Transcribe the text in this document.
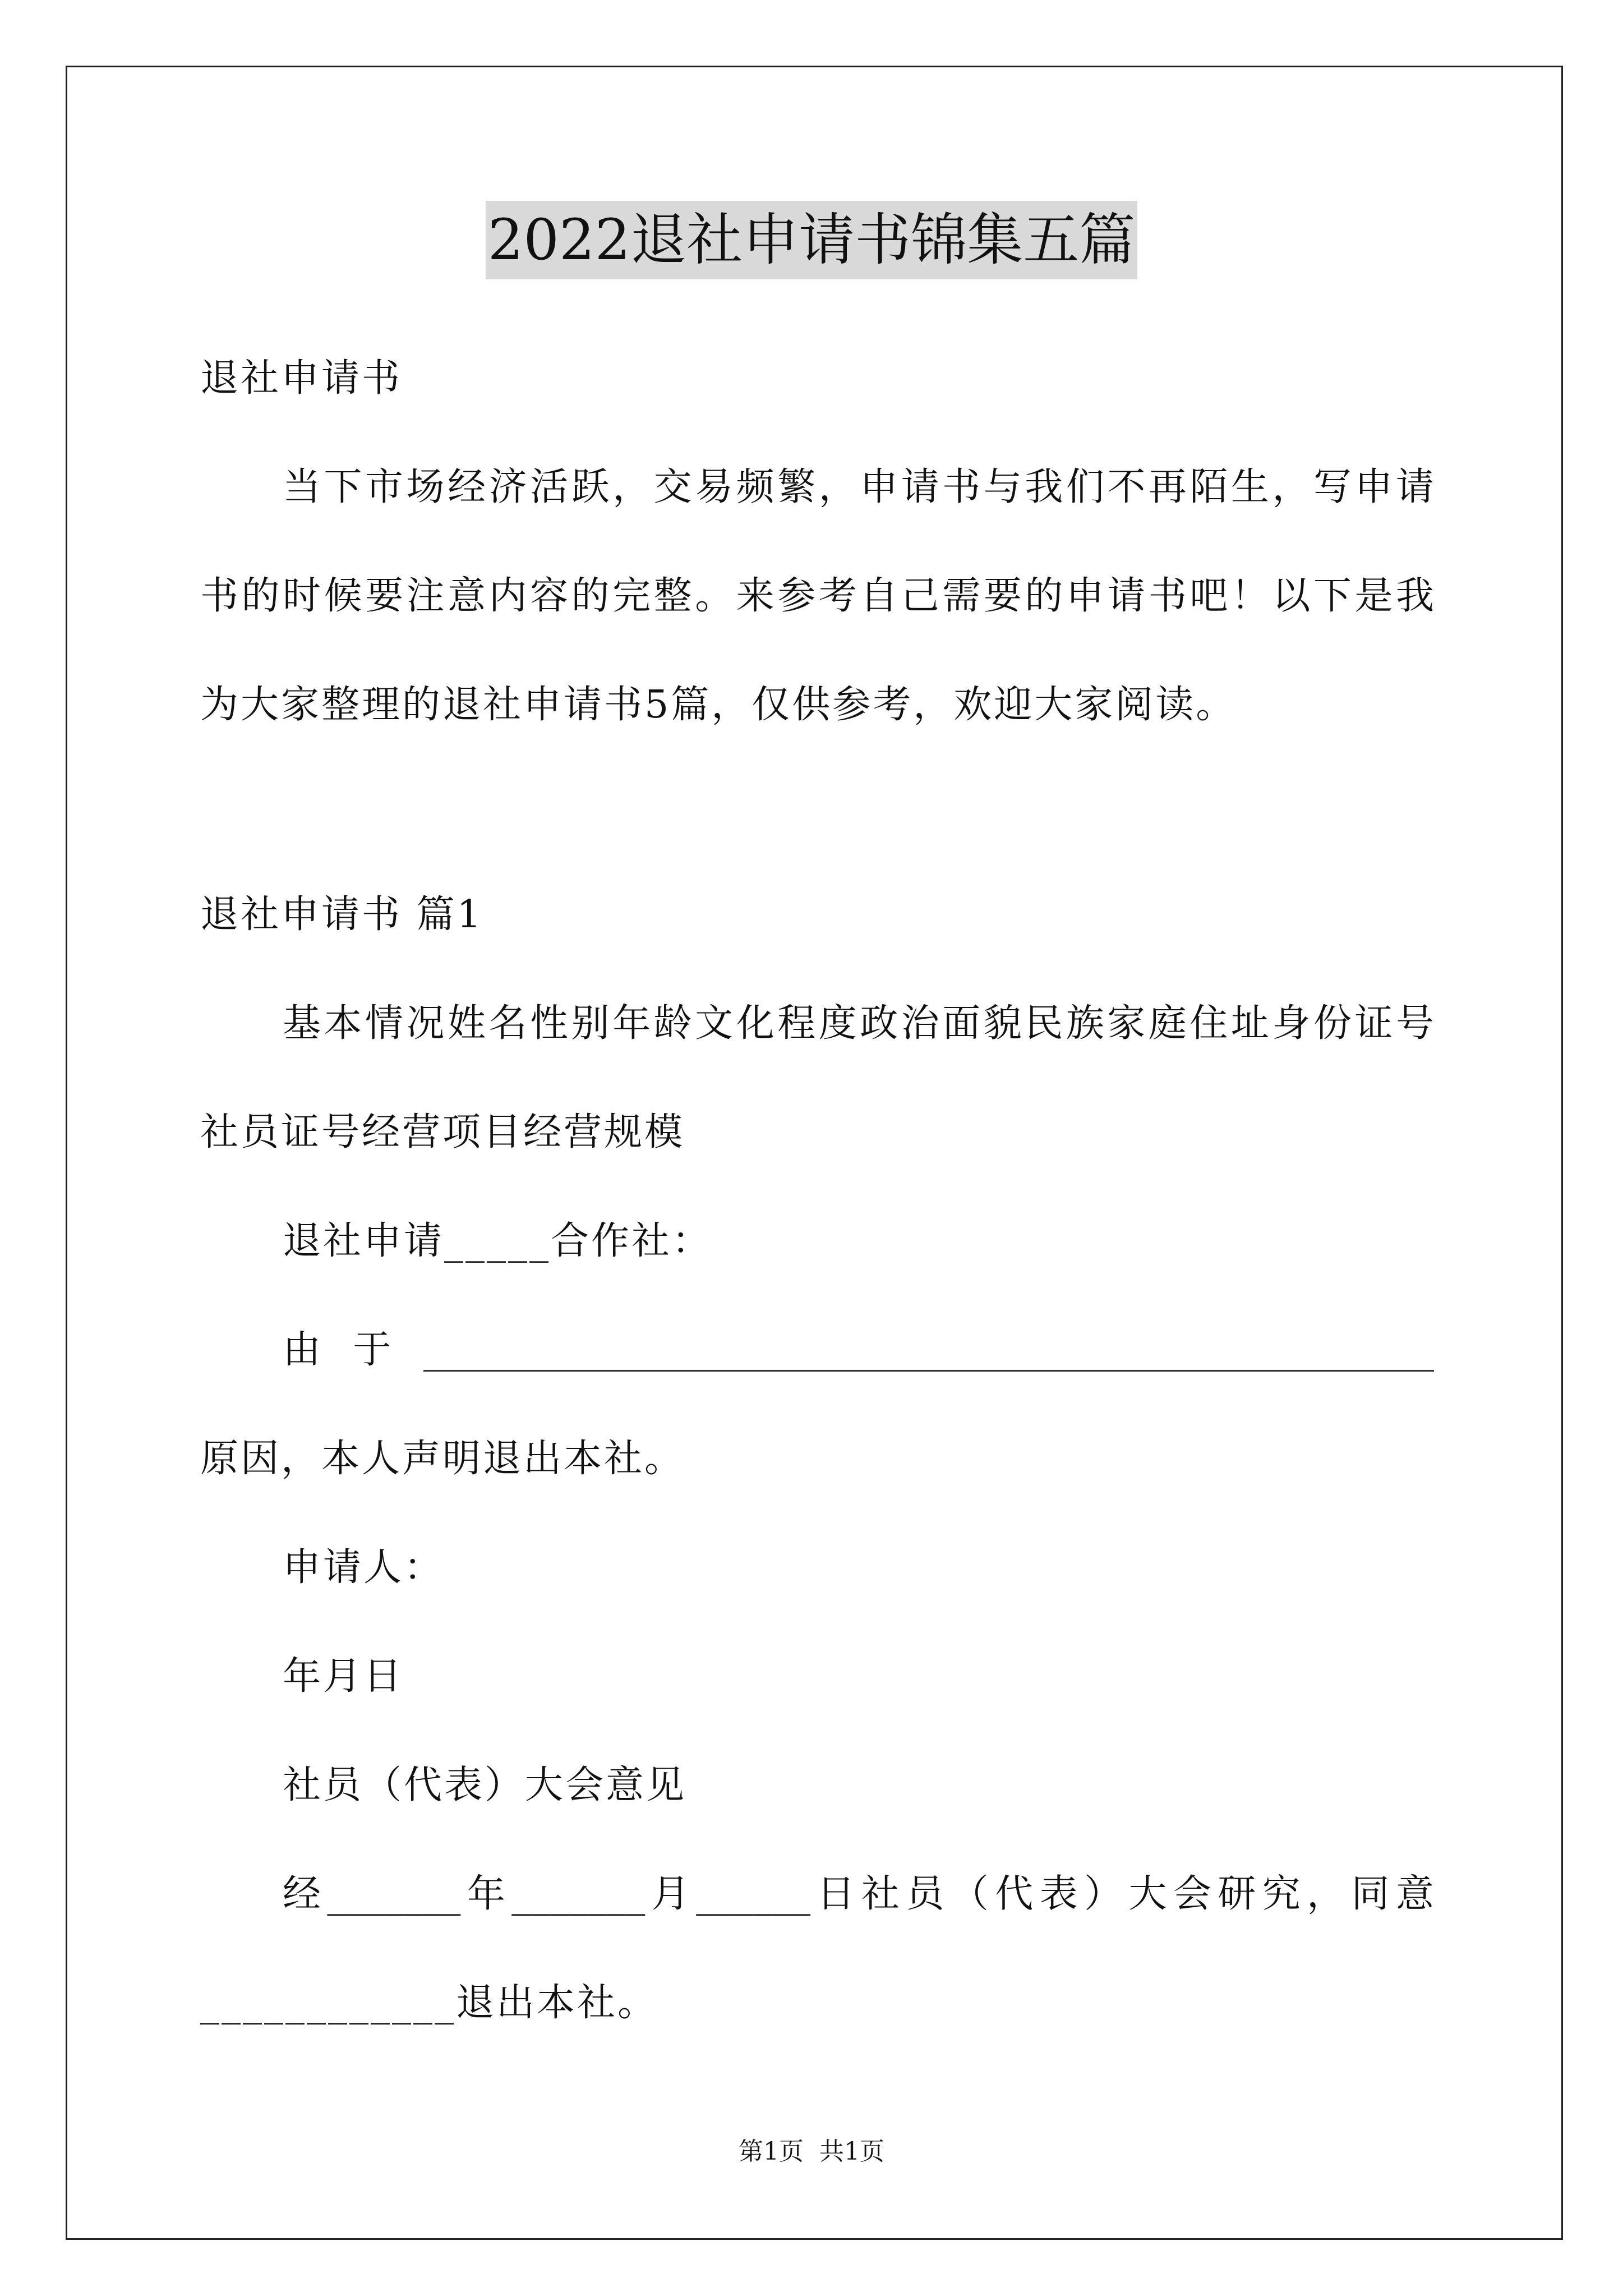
2022退社申请书锦集五篇
退社申请书
当下市场经济活跃，交易频繁，申请书与我们不再陌生，写申请
书的时候要注意内容的完整。来参考自己需要的申请书吧！以下是我
为大家整理的退社申请书5篇，仅供参考，欢迎大家阅读。
退社申请书 篇1
基本情况姓名性别年龄文化程度政治面貌民族家庭住址身份证号
社员证号经营项目经营规模
退社申请_____合作社：
由于_____________________________________________________
原因，本人声明退出本社。
申请人：
年月日
社员（代表）大会意见
经_______年_______月______日社员（代表）大会研究，同意
____________退出本社。
第1页 共1页
